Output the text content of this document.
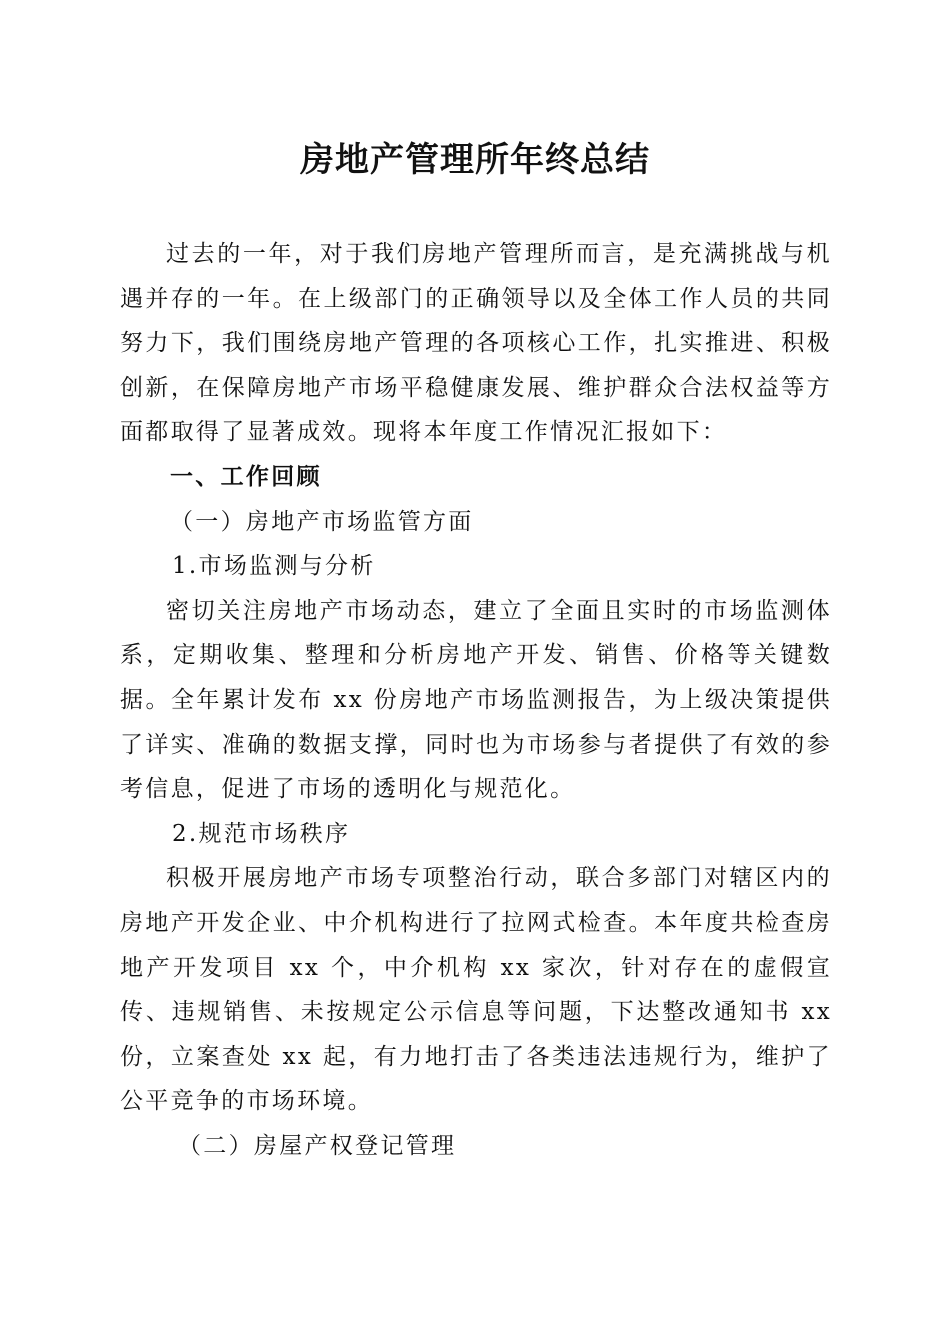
房地产管理所年终总结

过去的一年，对于我们房地产管理所而言，是充满挑战与机遇并存的一年。在上级部门的正确领导以及全体工作人员的共同努力下，我们围绕房地产管理的各项核心工作，扎实推进、积极创新，在保障房地产市场平稳健康发展、维护群众合法权益等方面都取得了显著成效。现将本年度工作情况汇报如下：

一、工作回顾

（一）房地产市场监管方面

1.市场监测与分析

密切关注房地产市场动态，建立了全面且实时的市场监测体系，定期收集、整理和分析房地产开发、销售、价格等关键数据。全年累计发布 xx 份房地产市场监测报告，为上级决策提供了详实、准确的数据支撑，同时也为市场参与者提供了有效的参考信息，促进了市场的透明化与规范化。

2.规范市场秩序

积极开展房地产市场专项整治行动，联合多部门对辖区内的房地产开发企业、中介机构进行了拉网式检查。本年度共检查房地产开发项目 xx 个，中介机构 xx 家次，针对存在的虚假宣传、违规销售、未按规定公示信息等问题，下达整改通知书 xx 份，立案查处 xx 起，有力地打击了各类违法违规行为，维护了公平竞争的市场环境。

（二）房屋产权登记管理
